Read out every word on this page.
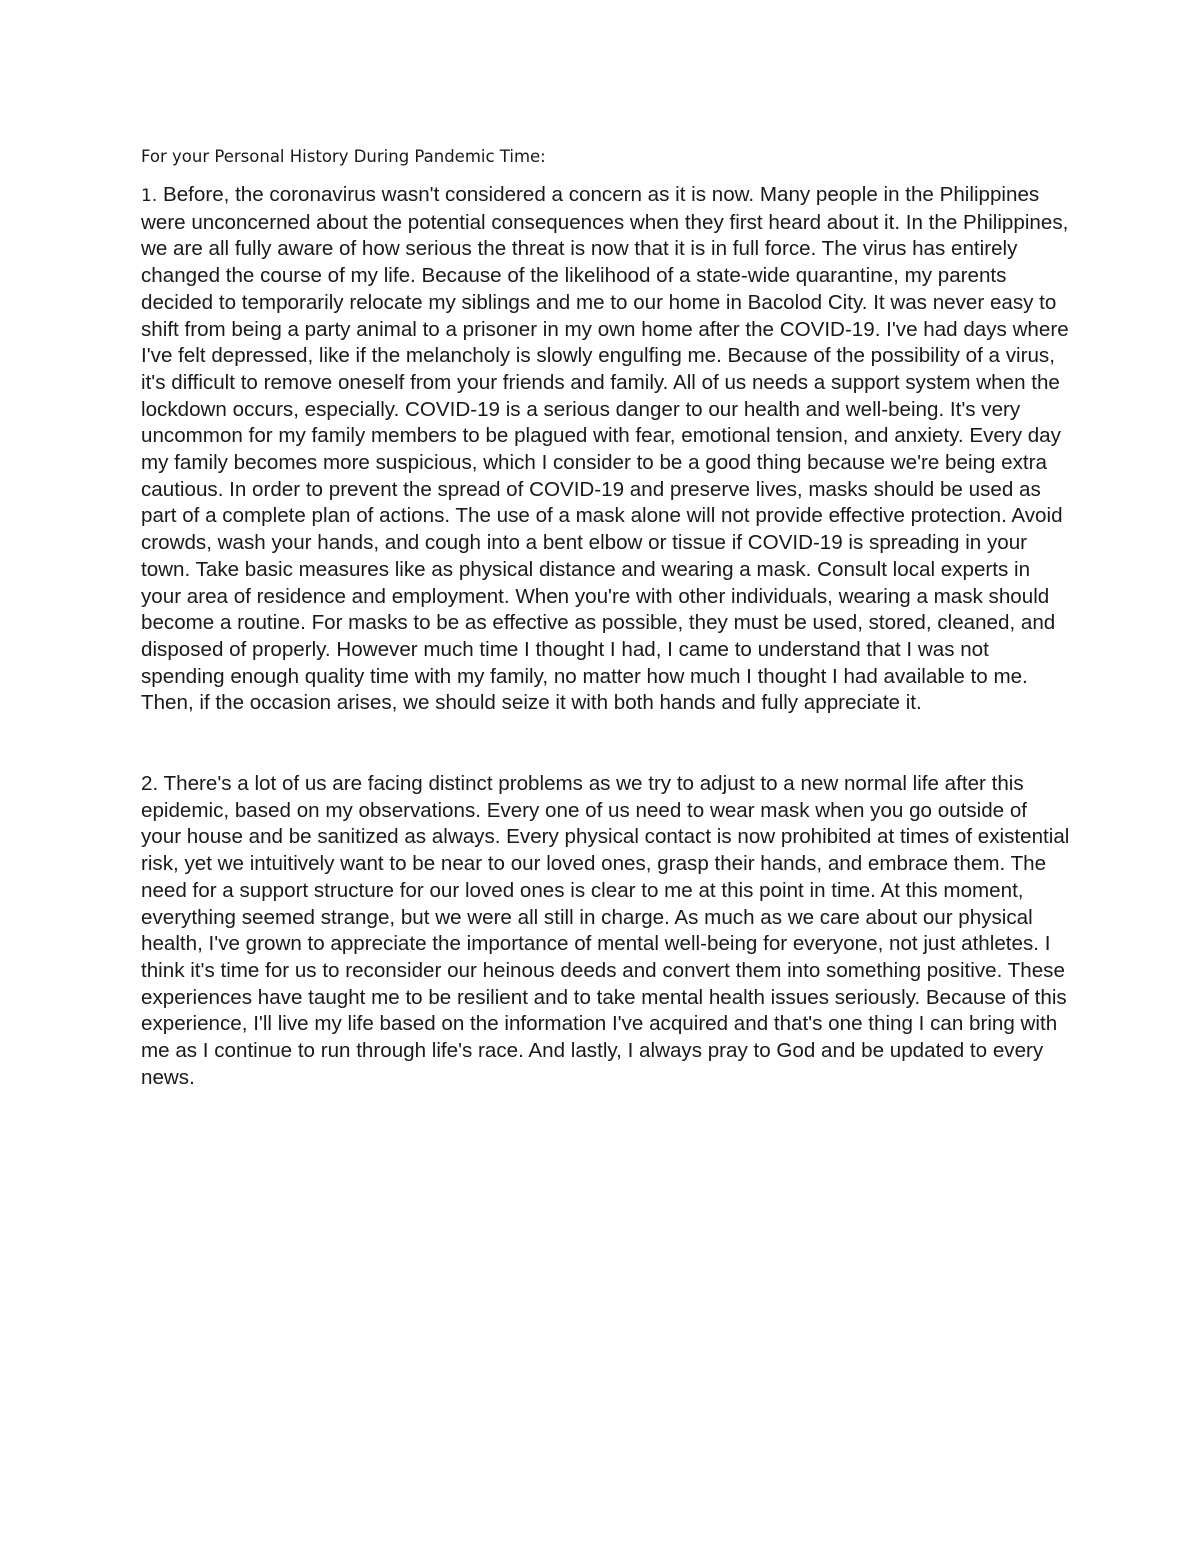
For your Personal History During Pandemic Time:

1. Before, the coronavirus wasn't considered a concern as it is now. Many people in the Philippines were unconcerned about the potential consequences when they first heard about it. In the Philippines, we are all fully aware of how serious the threat is now that it is in full force. The virus has entirely changed the course of my life. Because of the likelihood of a state-wide quarantine, my parents decided to temporarily relocate my siblings and me to our home in Bacolod City. It was never easy to shift from being a party animal to a prisoner in my own home after the COVID-19. I've had days where I've felt depressed, like if the melancholy is slowly engulfing me. Because of the possibility of a virus, it's difficult to remove oneself from your friends and family. All of us needs a support system when the lockdown occurs, especially. COVID-19 is a serious danger to our health and well-being. It's very uncommon for my family members to be plagued with fear, emotional tension, and anxiety. Every day my family becomes more suspicious, which I consider to be a good thing because we're being extra cautious. In order to prevent the spread of COVID-19 and preserve lives, masks should be used as part of a complete plan of actions. The use of a mask alone will not provide effective protection. Avoid crowds, wash your hands, and cough into a bent elbow or tissue if COVID-19 is spreading in your town. Take basic measures like as physical distance and wearing a mask. Consult local experts in your area of residence and employment. When you're with other individuals, wearing a mask should become a routine. For masks to be as effective as possible, they must be used, stored, cleaned, and disposed of properly. However much time I thought I had, I came to understand that I was not spending enough quality time with my family, no matter how much I thought I had available to me. Then, if the occasion arises, we should seize it with both hands and fully appreciate it.

2. There's a lot of us are facing distinct problems as we try to adjust to a new normal life after this epidemic, based on my observations. Every one of us need to wear mask when you go outside of your house and be sanitized as always. Every physical contact is now prohibited at times of existential risk, yet we intuitively want to be near to our loved ones, grasp their hands, and embrace them. The need for a support structure for our loved ones is clear to me at this point in time. At this moment, everything seemed strange, but we were all still in charge. As much as we care about our physical health, I've grown to appreciate the importance of mental well-being for everyone, not just athletes. I think it's time for us to reconsider our heinous deeds and convert them into something positive. These experiences have taught me to be resilient and to take mental health issues seriously. Because of this experience, I'll live my life based on the information I've acquired and that's one thing I can bring with me as I continue to run through life's race. And lastly, I always pray to God and be updated to every news.
